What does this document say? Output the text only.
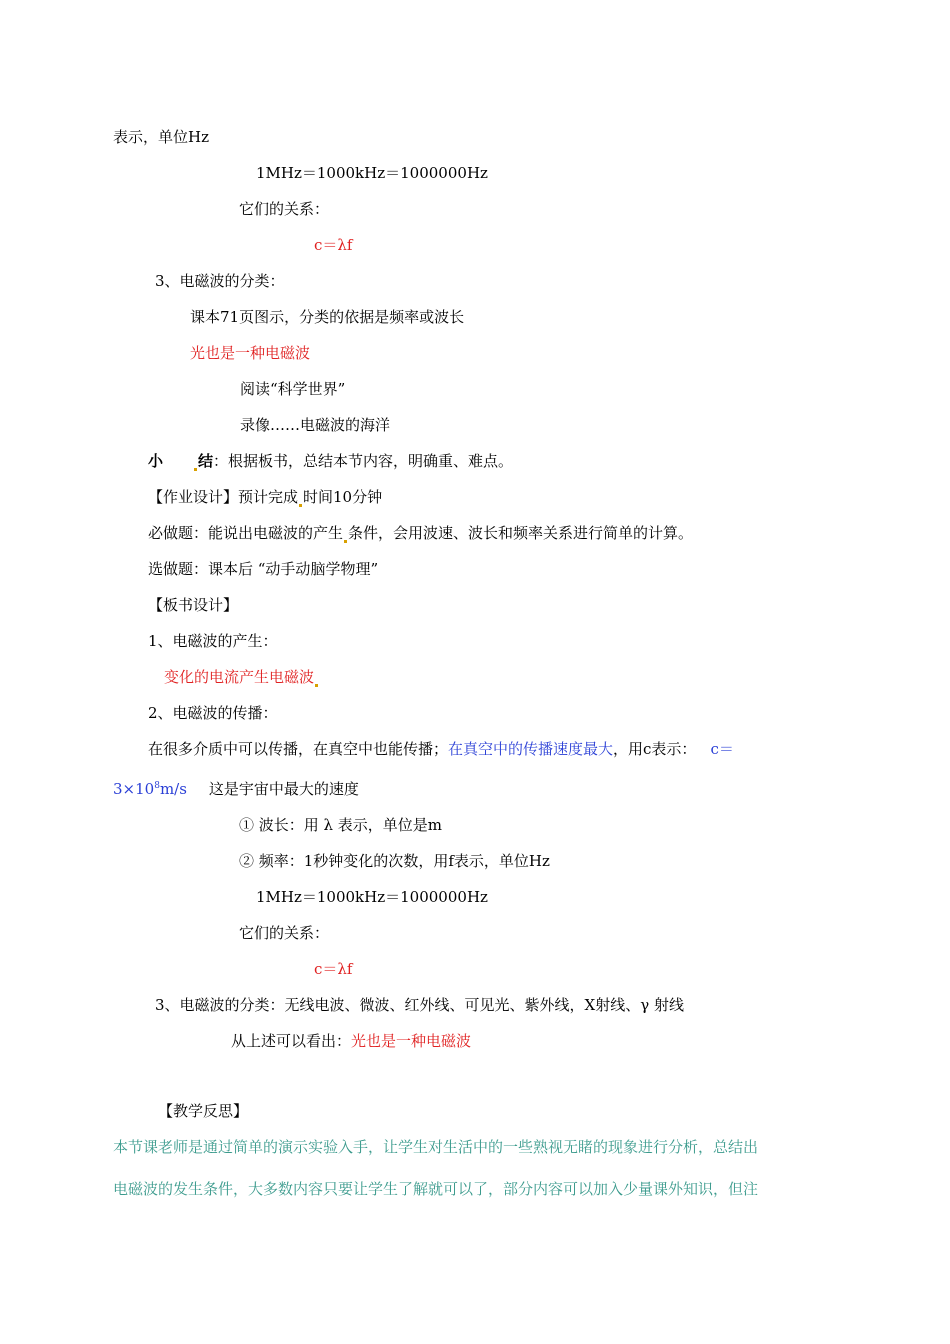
表示，单位Hz
1MHz＝1000kHz＝1000000Hz
它们的关系：
c＝λf
3、电磁波的分类：
课本71页图示，分类的依据是频率或波长
光也是一种电磁波
阅读“科学世界”
录像……电磁波的海洋
小 结：根据板书，总结本节内容，明确重、难点。
【作业设计】预计完成 时间10分钟
必做题：能说出电磁波的产生 条件，会用波速、波长和频率关系进行简单的计算。
选做题：课本后 “动手动脑学物理”
【板书设计】
1、电磁波的产生：
变化的电流产生电磁波
2、电磁波的传播：
在很多介质中可以传播，在真空中也能传播；在真空中的传播速度最大，用c表示： c＝
$3\times 10^8m/s$ 这是宇宙中最大的速度
① 波长：用 λ 表示，单位是m
② 频率：1秒钟变化的次数，用f表示，单位Hz
1MHz＝1000kHz＝1000000Hz
它们的关系：
c＝λf
3、电磁波的分类：无线电波、微波、红外线、可见光、紫外线，X射线、γ 射线
从上述可以看出：光也是一种电磁波
【教学反思】
本节课老师是通过简单的演示实验入手，让学生对生活中的一些熟视无睹的现象进行分析，总结出
电磁波的发生条件，大多数内容只要让学生了解就可以了，部分内容可以加入少量课外知识，但注
